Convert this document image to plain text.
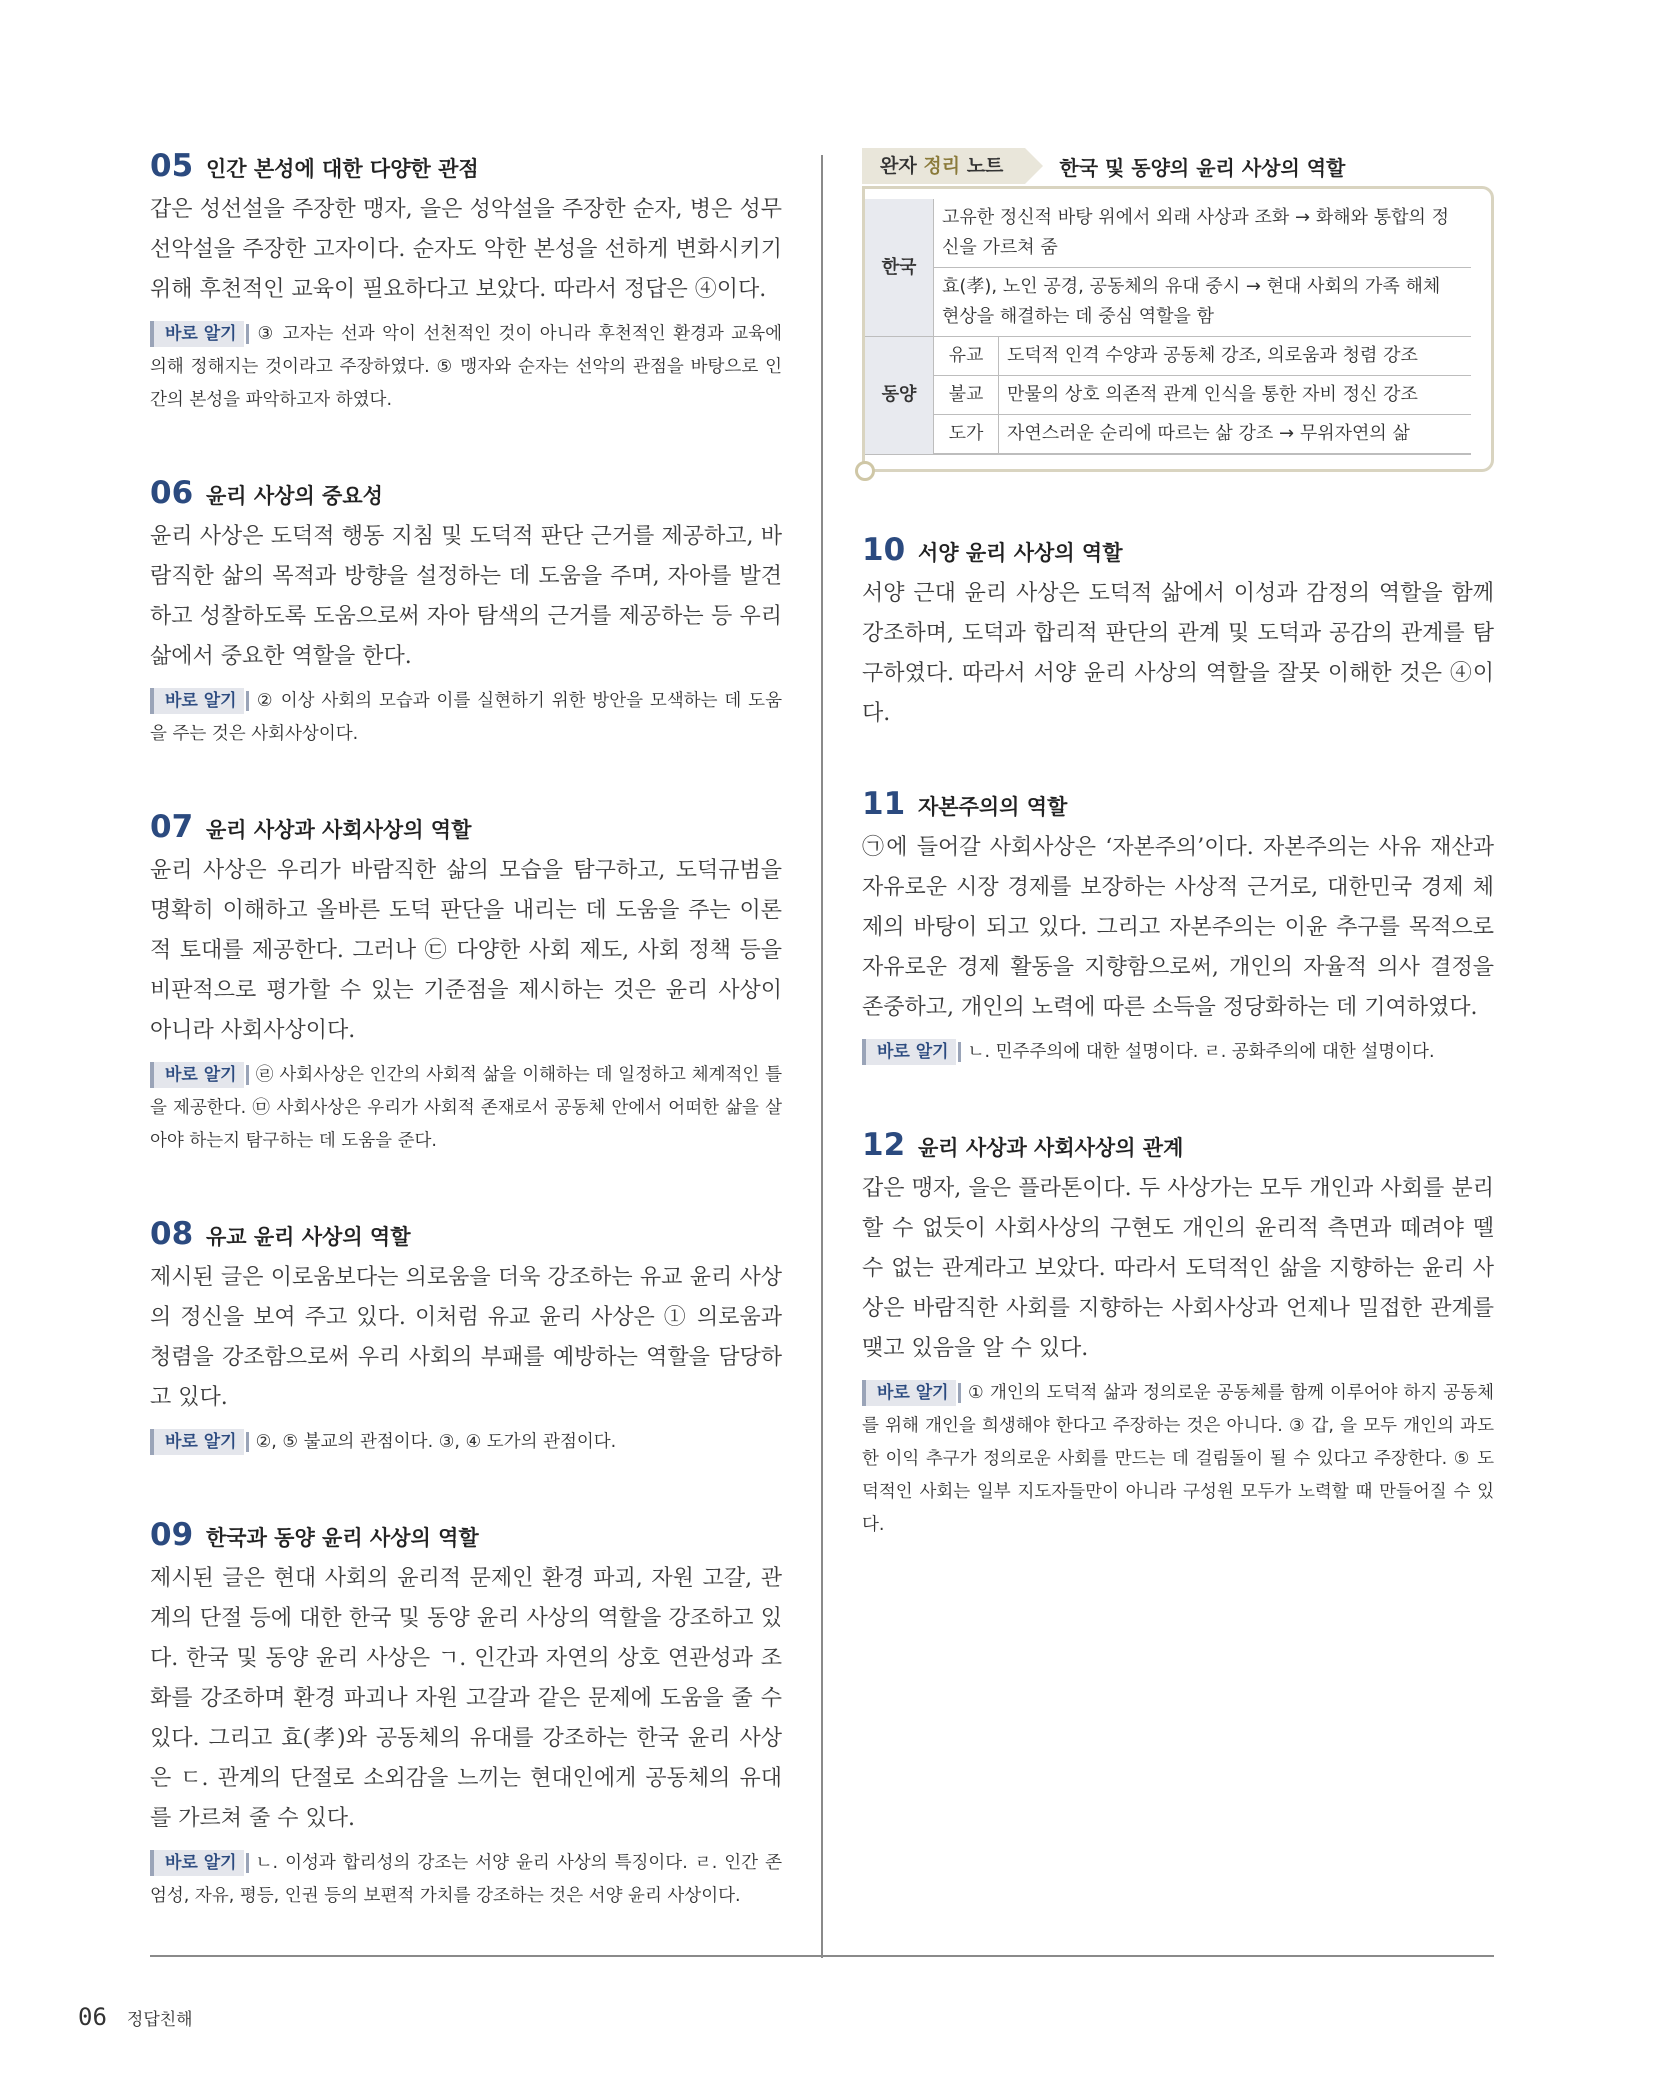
05 인간 본성에 대한 다양한 관점

갑은 성선설을 주장한 맹자, 을은 성악설을 주장한 순자, 병은 성무선악설을 주장한 고자이다. 순자도 악한 본성을 선하게 변화시키기 위해 후천적인 교육이 필요하다고 보았다. 따라서 정답은 ④이다.

바로 알기 ③ 고자는 선과 악이 선천적인 것이 아니라 후천적인 환경과 교육에 의해 정해지는 것이라고 주장하였다. ⑤ 맹자와 순자는 선악의 관점을 바탕으로 인간의 본성을 파악하고자 하였다.
06 윤리 사상의 중요성

윤리 사상은 도덕적 행동 지침 및 도덕적 판단 근거를 제공하고, 바람직한 삶의 목적과 방향을 설정하는 데 도움을 주며, 자아를 발견하고 성찰하도록 도움으로써 자아 탐색의 근거를 제공하는 등 우리 삶에서 중요한 역할을 한다.

바로 알기 ② 이상 사회의 모습과 이를 실현하기 위한 방안을 모색하는 데 도움을 주는 것은 사회사상이다.
07 윤리 사상과 사회사상의 역할

윤리 사상은 우리가 바람직한 삶의 모습을 탐구하고, 도덕규범을 명확히 이해하고 올바른 도덕 판단을 내리는 데 도움을 주는 이론적 토대를 제공한다. 그러나 ㉢ 다양한 사회 제도, 사회 정책 등을 비판적으로 평가할 수 있는 기준점을 제시하는 것은 윤리 사상이 아니라 사회사상이다.

바로 알기 ㉣ 사회사상은 인간의 사회적 삶을 이해하는 데 일정하고 체계적인 틀을 제공한다. ㉤ 사회사상은 우리가 사회적 존재로서 공동체 안에서 어떠한 삶을 살아야 하는지 탐구하는 데 도움을 준다.
08 유교 윤리 사상의 역할

제시된 글은 이로움보다는 의로움을 더욱 강조하는 유교 윤리 사상의 정신을 보여 주고 있다. 이처럼 유교 윤리 사상은 ① 의로움과 청렴을 강조함으로써 우리 사회의 부패를 예방하는 역할을 담당하고 있다.

바로 알기 ②, ⑤ 불교의 관점이다. ③, ④ 도가의 관점이다.
09 한국과 동양 윤리 사상의 역할

제시된 글은 현대 사회의 윤리적 문제인 환경 파괴, 자원 고갈, 관계의 단절 등에 대한 한국 및 동양 윤리 사상의 역할을 강조하고 있다. 한국 및 동양 윤리 사상은 ㄱ. 인간과 자연의 상호 연관성과 조화를 강조하며 환경 파괴나 자원 고갈과 같은 문제에 도움을 줄 수 있다. 그리고 효(孝)와 공동체의 유대를 강조하는 한국 윤리 사상은 ㄷ. 관계의 단절로 소외감을 느끼는 현대인에게 공동체의 유대를 가르쳐 줄 수 있다.

바로 알기 ㄴ. 이성과 합리성의 강조는 서양 윤리 사상의 특징이다. ㄹ. 인간 존엄성, 자유, 평등, 인권 등의 보편적 가치를 강조하는 것은 서양 윤리 사상이다.
완자 정리 노트	한국 및 동양의 윤리 사상의 역할
한국	고유한 정신적 바탕 위에서 외래 사상과 조화 → 화해와 통합의 정신을 가르쳐 줌	
	효(孝), 노인 공경, 공동체의 유대 중시 → 현대 사회의 가족 해체 현상을 해결하는 데 중심 역할을 함	
동양	유교	도덕적 인격 수양과 공동체 강조, 의로움과 청렴 강조
	불교	만물의 상호 의존적 관계 인식을 통한 자비 정신 강조
	도가	자연스러운 순리에 따르는 삶 강조 → 무위자연의 삶
10 서양 윤리 사상의 역할

서양 근대 윤리 사상은 도덕적 삶에서 이성과 감정의 역할을 함께 강조하며, 도덕과 합리적 판단의 관계 및 도덕과 공감의 관계를 탐구하였다. 따라서 서양 윤리 사상의 역할을 잘못 이해한 것은 ④이다.

11 자본주의의 역할

㉠에 들어갈 사회사상은 ‘자본주의’이다. 자본주의는 사유 재산과 자유로운 시장 경제를 보장하는 사상적 근거로, 대한민국 경제 체제의 바탕이 되고 있다. 그리고 자본주의는 이윤 추구를 목적으로 자유로운 경제 활동을 지향함으로써, 개인의 자율적 의사 결정을 존중하고, 개인의 노력에 따른 소득을 정당화하는 데 기여하였다.

바로 알기 ㄴ. 민주주의에 대한 설명이다. ㄹ. 공화주의에 대한 설명이다.
12 윤리 사상과 사회사상의 관계

갑은 맹자, 을은 플라톤이다. 두 사상가는 모두 개인과 사회를 분리할 수 없듯이 사회사상의 구현도 개인의 윤리적 측면과 떼려야 뗄 수 없는 관계라고 보았다. 따라서 도덕적인 삶을 지향하는 윤리 사상은 바람직한 사회를 지향하는 사회사상과 언제나 밀접한 관계를 맺고 있음을 알 수 있다.

바로 알기 ① 개인의 도덕적 삶과 정의로운 공동체를 함께 이루어야 하지 공동체를 위해 개인을 희생해야 한다고 주장하는 것은 아니다. ③ 갑, 을 모두 개인의 과도한 이익 추구가 정의로운 사회를 만드는 데 걸림돌이 될 수 있다고 주장한다. ⑤ 도덕적인 사회는 일부 지도자들만이 아니라 구성원 모두가 노력할 때 만들어질 수 있다.
06 정답친해
